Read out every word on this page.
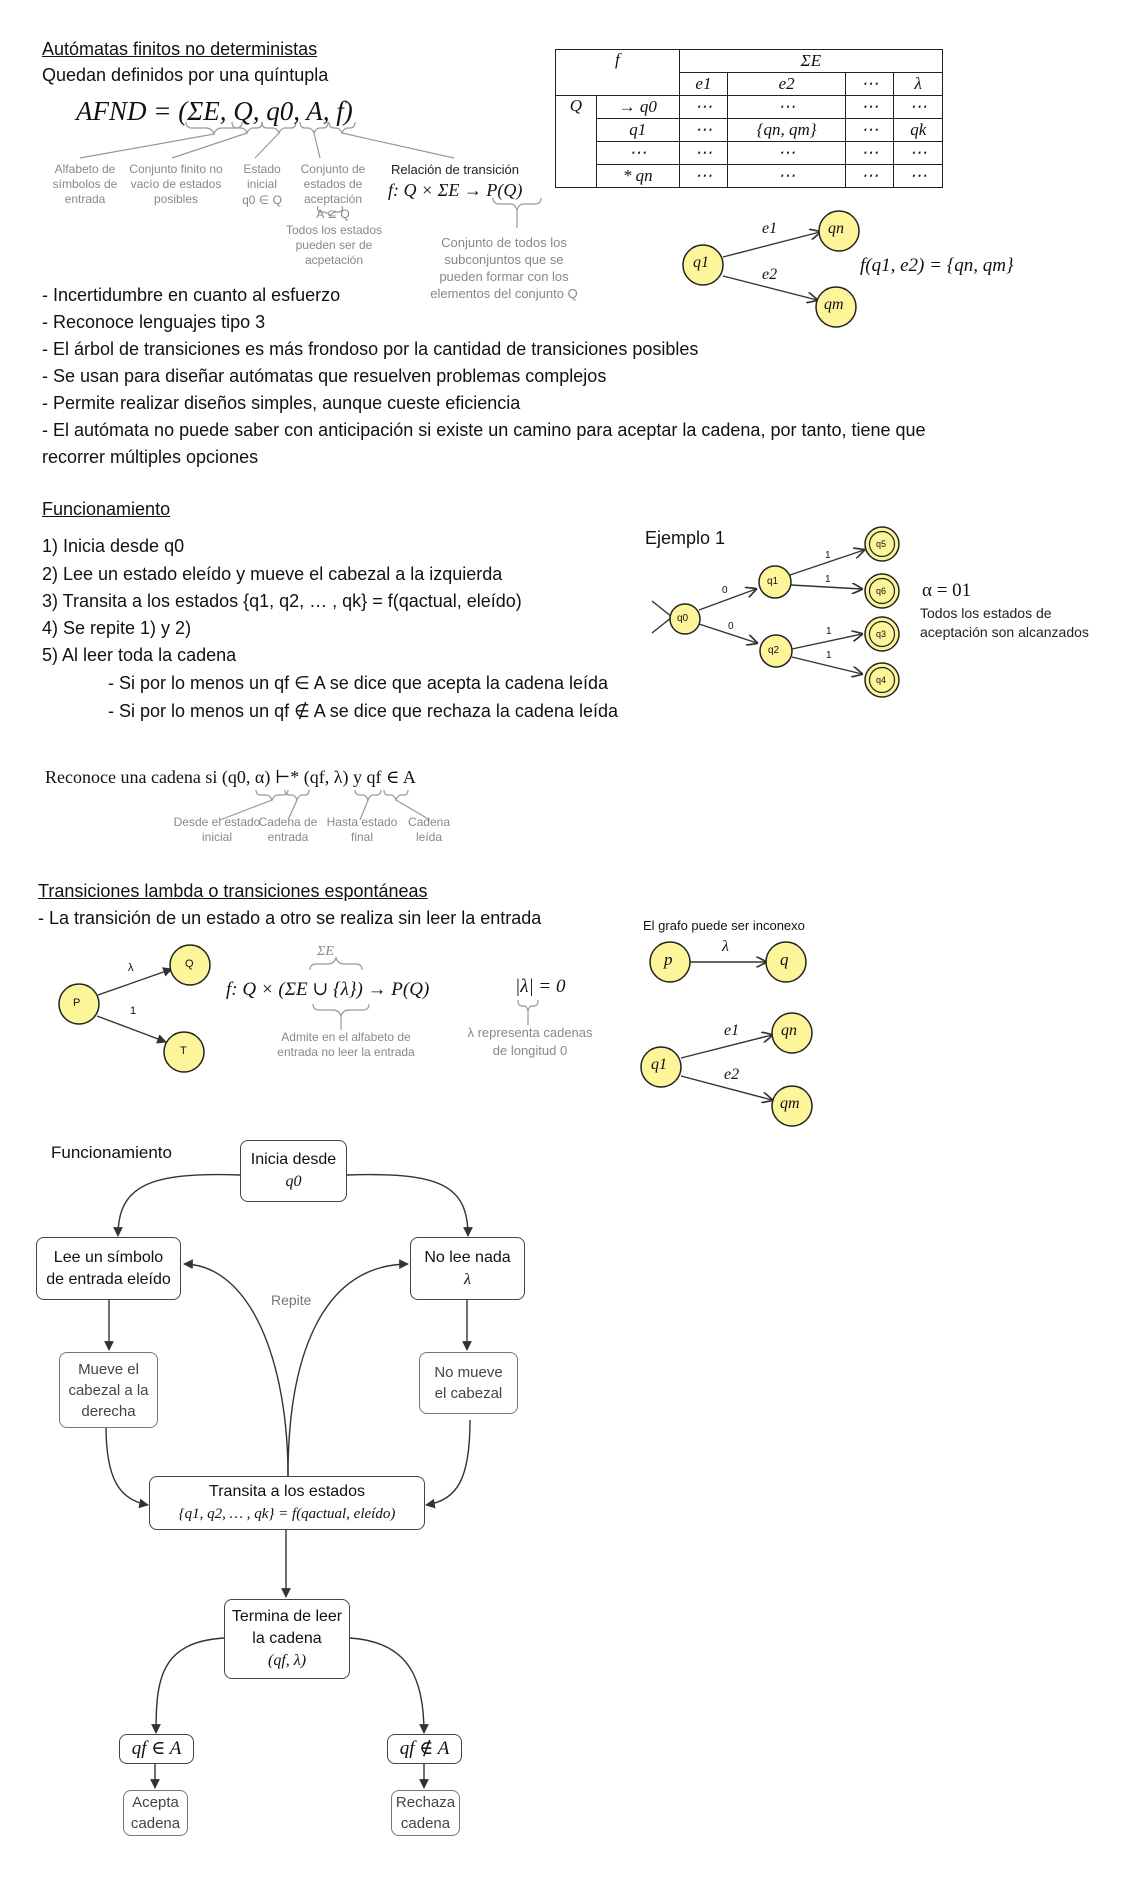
Autómatas finitos no deterministas
Quedan definidos por una quíntupla
AFND = (ΣE, Q, q0, A, f)
Alfabeto de símbolos de entrada
Conjunto finito no vacío de estados posibles
Estado inicial
q0 ∈ Q
Conjunto de estados de aceptación
A ⊆ Q
Todos los estados pueden ser de acpetación
Relación de transición
f: Q × ΣE → P(Q)
Conjunto de todos los subconjuntos que se pueden formar con los elementos del conjunto Q
f		ΣE			
		e1	e2	⋯	λ
Q	→ q0	⋯	⋯	⋯	⋯
	q1	⋯	{qn, qm}	⋯	qk
	⋯	⋯	⋯	⋯	⋯
	* qn	⋯	⋯	⋯	⋯
q1
qn
qm
e1
e2	f(q1, e2) = {qn, qm}
- Incertidumbre en cuanto al esfuerzo
- Reconoce lenguajes tipo 3
- El árbol de transiciones es más frondoso por la cantidad de transiciones posibles
- Se usan para diseñar autómatas que resuelven problemas complejos
- Permite realizar diseños simples, aunque cueste eficiencia
- El autómata no puede saber con anticipación si existe un camino para aceptar la cadena, por tanto, tiene que
recorrer múltiples opciones
Funcionamiento
1) Inicia desde q0
2) Lee un estado eleído y mueve el cabezal a la izquierda
3) Transita a los estados {q1, q2, … , qk} = f(qactual, eleído)
4) Se repite 1) y 2)
5) Al leer toda la cadena
- Si por lo menos un qf ∈ A se dice que acepta la cadena leída
- Si por lo menos un qf ∉ A se dice que rechaza la cadena leída
Ejemplo 1
q0
q1
q2
q5
q6
q3
q4
0
0
1
1
1
1
α = 01
Todos los estados de aceptación son alcanzados
Reconoce una cadena si (q0, α) ⊢* (qf, λ) y qf ∈ A
Desde el estado inicial
Cadena de entrada
Hasta estado final
Cadena leída
Transiciones lambda o transiciones espontáneas
- La transición de un estado a otro se realiza sin leer la entrada
P
Q
T
λ
1
ΣE
f: Q × (ΣE ∪ {λ}) → P(Q)
Admite en el alfabeto de entrada no leer la entrada
|λ| = 0
λ representa cadenas de longitud 0
El grafo puede ser inconexo
p	q
λ
q1
qn
qm
e1
e2
Funcionamiento	Inicia desde
q0
Lee un símbolo
de entrada eleído
No lee nada
λ
Repite
Mueve el cabezal a la derecha
No mueve el cabezal
Transita a los estados
{q1, q2, … , qk} = f(qactual, eleído)
Termina de leer
la cadena
(qf, λ)
qf ∈ A	qf ∉ A
Acepta cadena
Rechaza cadena
